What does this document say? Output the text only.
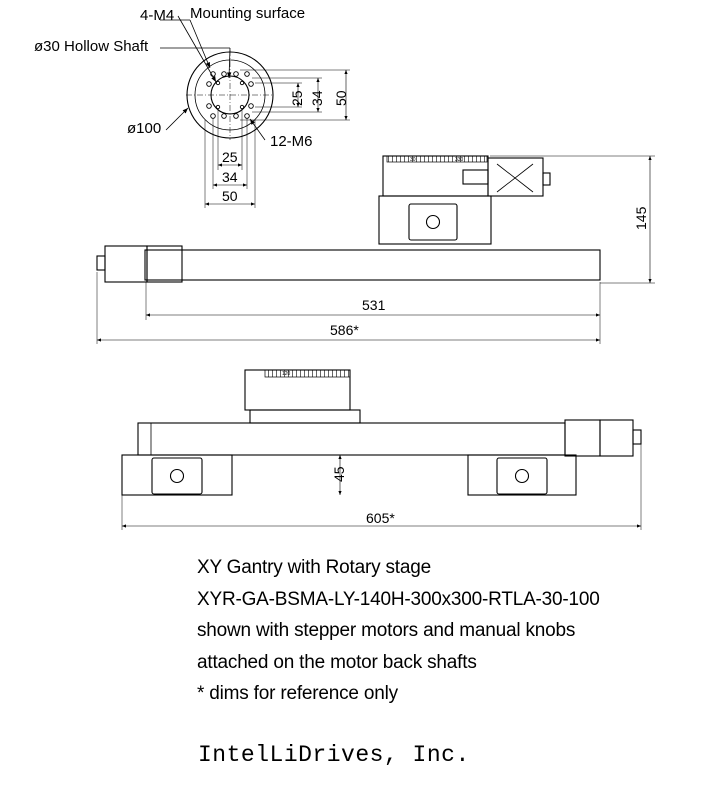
4-M4 Mounting surface
ø30 Hollow Shaft
ø100
12-M6
25 34 50
25
34
50
30	330
145
531
586*
120
45
605*
XY Gantry with Rotary stage
XYR-GA-BSMA-LY-140H-300x300-RTLA-30-100
shown with stepper motors and manual knobs
attached on the motor back shafts
* dims for reference only
IntelLiDrives, Inc.
